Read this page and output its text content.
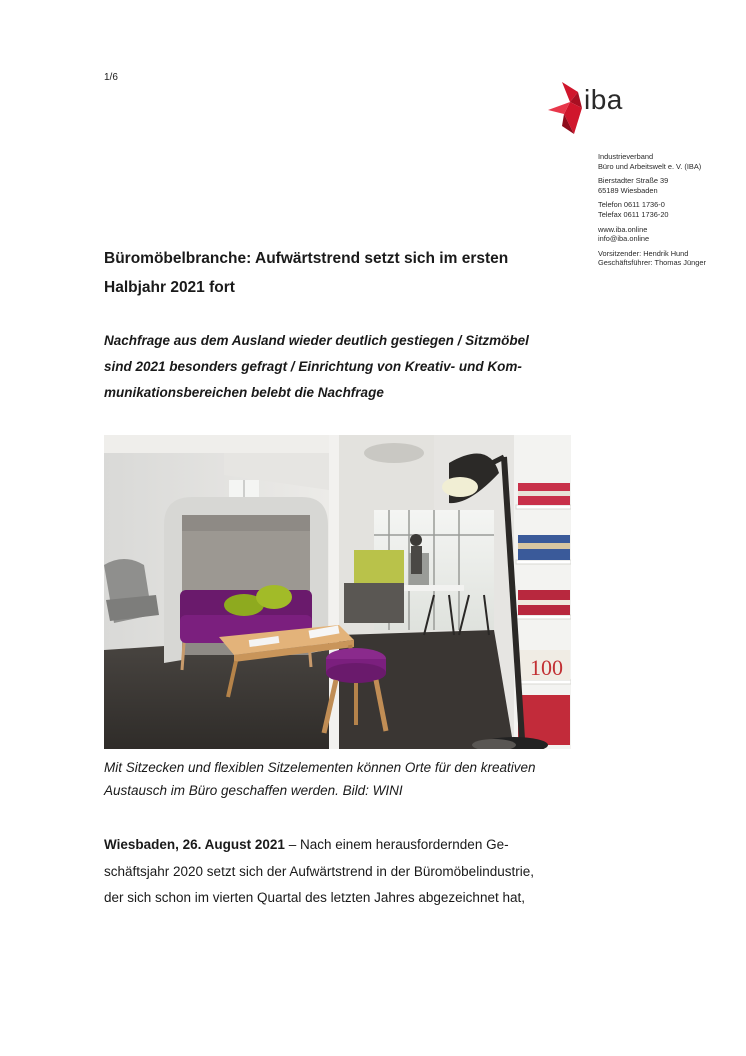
1/6
iba
Industrieverband
Büro und Arbeitswelt e. V. (IBA)
Bierstadter Straße 39
65189 Wiesbaden
Telefon 0611 1736-0
Telefax 0611 1736-20
www.iba.online
info@iba.online
Vorsitzender: Hendrik Hund
Geschäftsführer: Thomas Jünger
Büromöbelbranche: Aufwärtstrend setzt sich im ersten
Halbjahr 2021 fort
Nachfrage aus dem Ausland wieder deutlich gestiegen / Sitzmöbel
sind 2021 besonders gefragt / Einrichtung von Kreativ- und Kom-
munikationsbereichen belebt die Nachfrage
100
Mit Sitzecken und flexiblen Sitzelementen können Orte für den kreativen
Austausch im Büro geschaffen werden. Bild: WINI
Wiesbaden, 26. August 2021 – Nach einem herausfordernden Ge-
schäftsjahr 2020 setzt sich der Aufwärtstrend in der Büromöbelindustrie,
der sich schon im vierten Quartal des letzten Jahres abgezeichnet hat,
